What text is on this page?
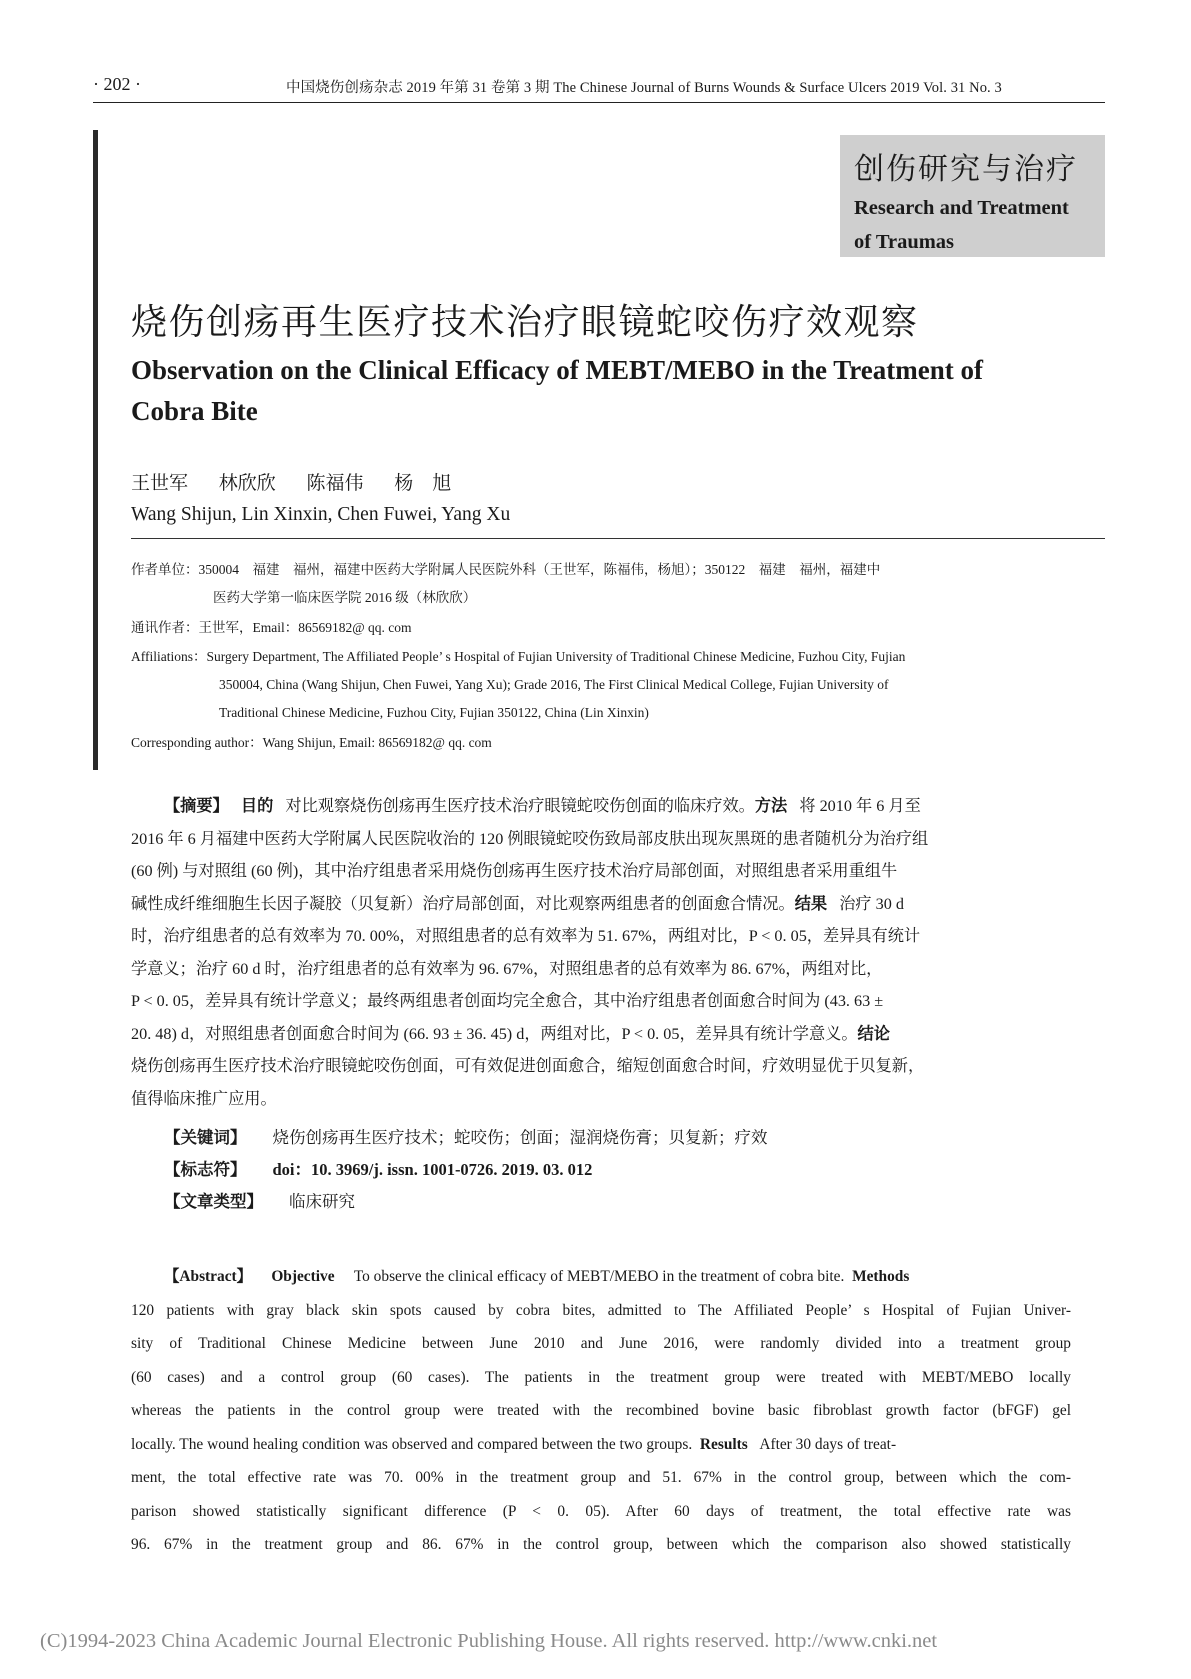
· 202 ·	中国烧伤创疡杂志 2019 年第 31 卷第 3 期 The Chinese Journal of Burns Wounds & Surface Ulcers 2019 Vol. 31 No. 3
创伤研究与治疗
Research and Treatment
of Traumas
烧伤创疡再生医疗技术治疗眼镜蛇咬伤疗效观察
Observation on the Clinical Efficacy of MEBT/MEBO in the Treatment of
Cobra Bite
王世军 林欣欣 陈福伟 杨　旭
Wang Shijun, Lin Xinxin, Chen Fuwei, Yang Xu
作者单位：350004　福建　福州，福建中医药大学附属人民医院外科（王世军，陈福伟，杨旭）；350122　福建　福州，福建中
医药大学第一临床医学院 2016 级（林欣欣）
通讯作者：王世军，Email：86569182@ qq. com
Affiliations：Surgery Department, The Affiliated People’ s Hospital of Fujian University of Traditional Chinese Medicine, Fuzhou City, Fujian
350004, China (Wang Shijun, Chen Fuwei, Yang Xu); Grade 2016, The First Clinical Medical College, Fujian University of
Traditional Chinese Medicine, Fuzhou City, Fujian 350122, China (Lin Xinxin)
Corresponding author：Wang Shijun, Email: 86569182@ qq. com
【摘要】 目的 对比观察烧伤创疡再生医疗技术治疗眼镜蛇咬伤创面的临床疗效。方法 将 2010 年 6 月至
2016 年 6 月福建中医药大学附属人民医院收治的 120 例眼镜蛇咬伤致局部皮肤出现灰黑斑的患者随机分为治疗组
(60 例) 与对照组 (60 例)，其中治疗组患者采用烧伤创疡再生医疗技术治疗局部创面，对照组患者采用重组牛
碱性成纤维细胞生长因子凝胶（贝复新）治疗局部创面，对比观察两组患者的创面愈合情况。结果 治疗 30 d
时，治疗组患者的总有效率为 70. 00%，对照组患者的总有效率为 51. 67%，两组对比，P < 0. 05，差异具有统计
学意义；治疗 60 d 时，治疗组患者的总有效率为 96. 67%，对照组患者的总有效率为 86. 67%，两组对比，
P < 0. 05，差异具有统计学意义；最终两组患者创面均完全愈合，其中治疗组患者创面愈合时间为 (43. 63 ±
20. 48) d，对照组患者创面愈合时间为 (66. 93 ± 36. 45) d，两组对比，P < 0. 05，差异具有统计学意义。结论
烧伤创疡再生医疗技术治疗眼镜蛇咬伤创面，可有效促进创面愈合，缩短创面愈合时间，疗效明显优于贝复新，
值得临床推广应用。
【关键词】 烧伤创疡再生医疗技术；蛇咬伤；创面；湿润烧伤膏；贝复新；疗效
【标志符】 doi：10. 3969/j. issn. 1001-0726. 2019. 03. 012
【文章类型】 临床研究
【Abstract】 Objective To observe the clinical efficacy of MEBT/MEBO in the treatment of cobra bite. Methods
120 patients with gray black skin spots caused by cobra bites, admitted to The Affiliated People’ s Hospital of Fujian Univer-
sity of Traditional Chinese Medicine between June 2010 and June 2016, were randomly divided into a treatment group
(60 cases) and a control group (60 cases). The patients in the treatment group were treated with MEBT/MEBO locally
whereas the patients in the control group were treated with the recombined bovine basic fibroblast growth factor (bFGF) gel
locally. The wound healing condition was observed and compared between the two groups. Results After 30 days of treat-
ment, the total effective rate was 70. 00% in the treatment group and 51. 67% in the control group, between which the com-
parison showed statistically significant difference (P < 0. 05). After 60 days of treatment, the total effective rate was
96. 67% in the treatment group and 86. 67% in the control group, between which the comparison also showed statistically
(C)1994-2023 China Academic Journal Electronic Publishing House. All rights reserved. http://www.cnki.net
